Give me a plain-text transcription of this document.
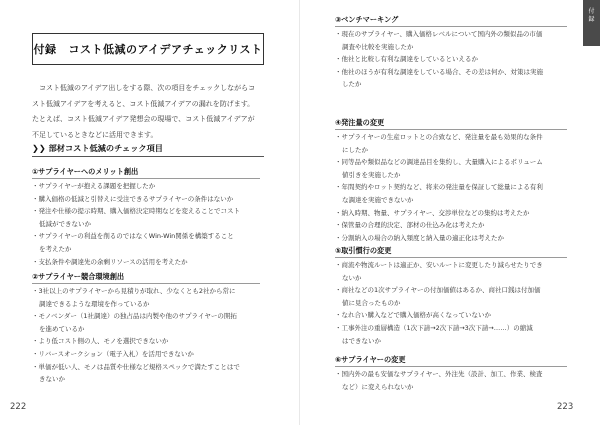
付録 コスト低減のアイデアチェックリスト

　コスト低減のアイデア出しをする際、次の項目をチェックしながらコ

スト低減アイデアを考えると、コスト低減アイデアの漏れを防げます。

たとえば、コスト低減アイデア発想会の現場で、コスト低減アイデアが

不足しているときなどに活用できます。

❯❯ 部材コスト低減のチェック項目
①サプライヤーへのメリット創出
・サプライヤーが抱える課題を把握したか
・購入価格の低減と引替えに受注できるサプライヤーの条件はないか
・発注や仕様の提示時期、購入価格決定時期などを変えることでコスト
低減ができないか
・サプライヤーの利益を削るのではなくWin-Win関係を構築すること
を考えたか
・支払条件や調達先の余剰リソースの活用を考えたか
②サプライヤー競合環境創出
・3社以上のサプライヤーから見積りが取れ、少なくとも2社から常に
調達できるような環境を作っているか
・モノベンダー（1社調達）の独占品は内製や他のサプライヤーの開拓
を進めているか
・より低コスト側の人、モノを選択できないか
・リバースオークション（電子入札）を活用できないか
・単価が低い人、モノは品質や仕様など規格スペックで満たすことはで
きないか
222
③ベンチマーキング
・現在のサプライヤー、購入価格レベルについて国内外の類似品の市価
調査や比較を実施したか
・他社と比較し有利な調達をしているといえるか
・他社のほうが有利な調達をしている場合、その差は何か、対策は実施
したか
④発注量の変更
・サプライヤーの生産ロットとの合致など、発注量を最も効果的な条件
にしたか
・同等品や類似品などの調達品目を集約し、大量購入によるボリューム
値引きを実施したか
・年間契約やロット契約など、将来の発注量を保証して総量による有利
な調達を実施できないか
・納入時期、物量、サプライヤー、交渉単位などの集約は考えたか
・保管量の合理的決定、部材の仕込み化は考えたか
・分割納入の場合の納入頻度と納入量の適正化は考えたか
⑤取引慣行の変更
・商流や物流ルートは適正か、安いルートに変更したり減らせたりでき
ないか
・商社などの1次サプライヤーの付加価値はあるか、商社口銭は付加価
値に見合ったものか
・なれ合い購入などで購入価格が高くなっていないか
・工事外注の重層構造（1次下請→2次下請→3次下請→……）の縮減
はできないか
⑥サプライヤーの変更
・国内外の最も安価なサプライヤー、外注先（設計、加工、作業、検査
など）に変えられないか
223
付
録
